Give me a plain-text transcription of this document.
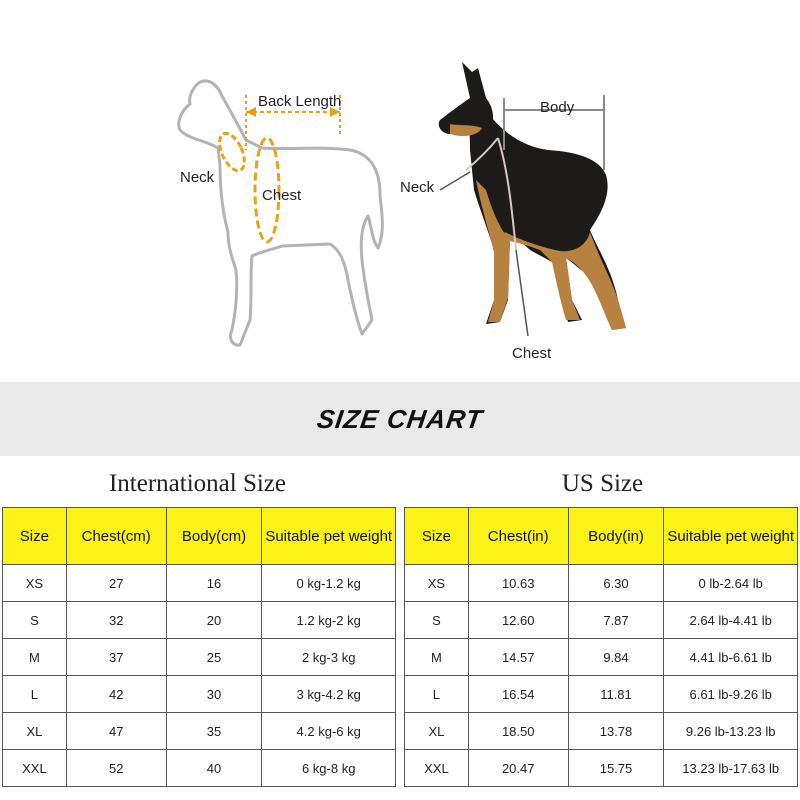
Back Length
Neck
Chest
Body
Neck
Chest
SIZE CHART
International Size	US Size
Size	Chest(cm)	Body(cm)	Suitable pet weight
XS	27	16	0 kg-1.2 kg
S	32	20	1.2 kg-2 kg
M	37	25	2 kg-3 kg
L	42	30	3 kg-4.2 kg
XL	47	35	4.2 kg-6 kg
XXL	52	40	6 kg-8 kg
Size	Chest(in)	Body(in)	Suitable pet weight
XS	10.63	6.30	0 lb-2.64 lb
S	12.60	7.87	2.64 lb-4.41 lb
M	14.57	9.84	4.41 lb-6.61 lb
L	16.54	11.81	6.61 lb-9.26 lb
XL	18.50	13.78	9.26 lb-13.23 lb
XXL	20.47	15.75	13.23 lb-17.63 lb
